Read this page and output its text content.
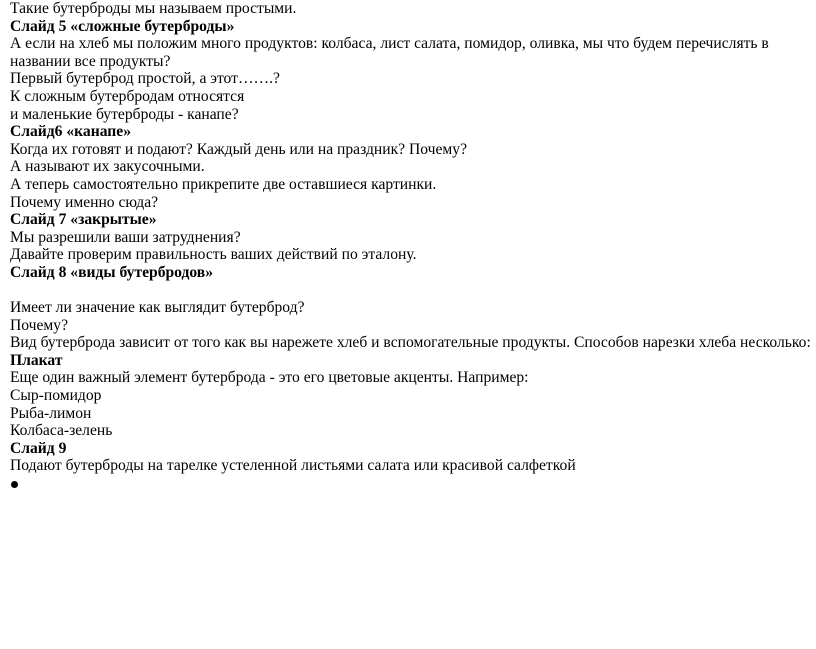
Такие бутерброды мы называем простыми.
Слайд 5 «сложные бутерброды»
А если на хлеб мы положим много продуктов: колбаса, лист салата, помидор, оливка, мы что будем перечислять в названии все продукты?
Первый бутерброд простой, а этот…….?
К сложным бутербродам относятся
и маленькие бутерброды - канапе?
Слайд6 «канапе»
Когда их готовят и подают? Каждый день или на праздник? Почему?
А называют их закусочными.
А теперь самостоятельно прикрепите две оставшиеся картинки.
Почему именно сюда?
Слайд 7 «закрытые»
Мы разрешили ваши затруднения?
Давайте проверим правильность ваших действий по эталону.
Слайд 8 «виды бутербродов»
Имеет ли значение как выглядит бутерброд?
Почему?
Вид бутерброда зависит от того как вы нарежете хлеб и вспомогательные продукты. Способов нарезки хлеба несколько:
Плакат
Еще один важный элемент бутерброда - это его цветовые акценты. Например:
Сыр-помидор
Рыба-лимон
Колбаса-зелень
Слайд 9
Подают бутерброды на тарелке устеленной листьями салата или красивой салфеткой
